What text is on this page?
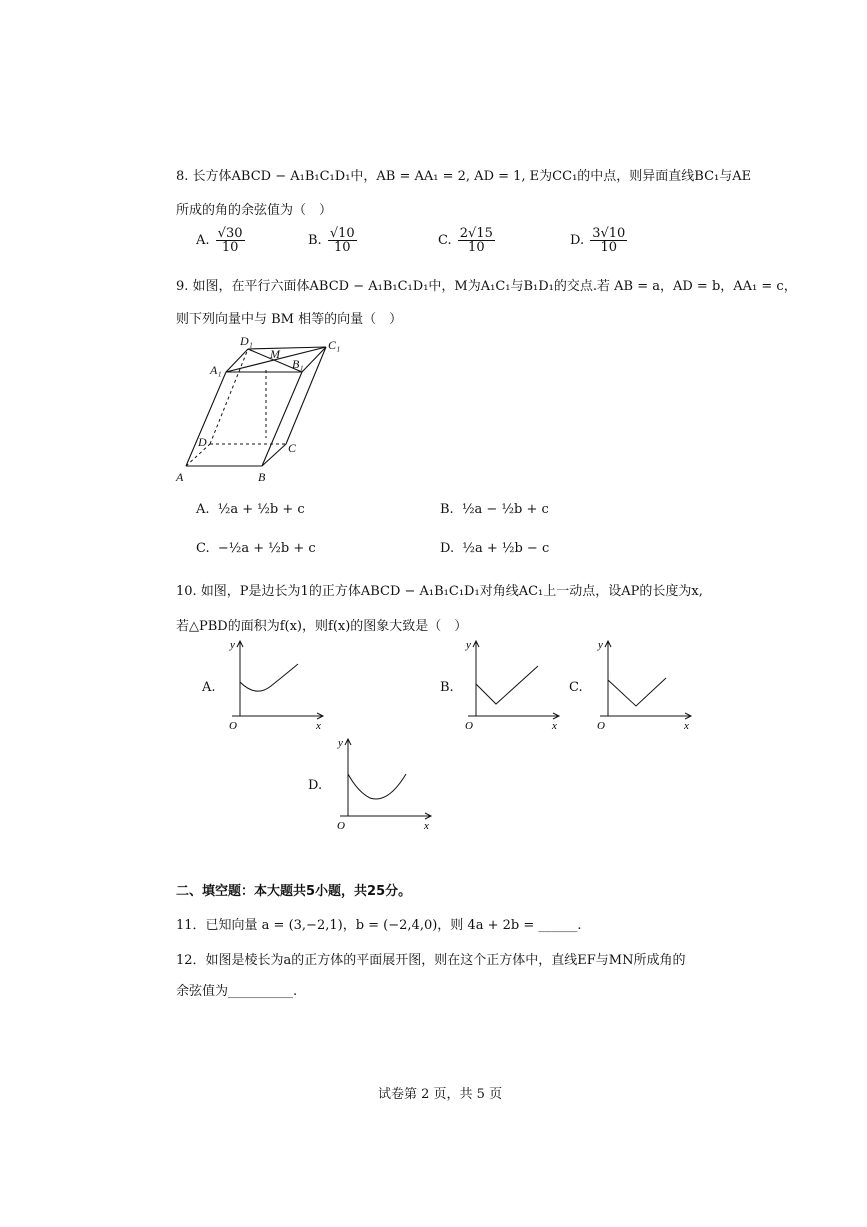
8. 长方体ABCD − A₁B₁C₁D₁中，AB = AA₁ = 2, AD = 1, E为CC₁的中点，则异面直线BC₁与AE
所成的角的余弦值为（　）
A. $\frac{√30}{10}$	B. $\frac{√10}{10}$	C. $\frac{2√15}{10}$	D. $\frac{3√10}{10}$
9. 如图，在平行六面体ABCD − A₁B₁C₁D₁中，M为A₁C₁与B₁D₁的交点.若 AB = a，AD = b，AA₁ = c，
则下列向量中与 BM 相等的向量（　）
D₁
M
C₁
A₁	B₁
D	C
A	B
A. ½a + ½b + c	B. ½a − ½b + c
C. −½a + ½b + c	D. ½a + ½b − c
10. 如图，P是边长为1的正方体ABCD − A₁B₁C₁D₁对角线AC₁上一动点，设AP的长度为x,
若△PBD的面积为f(x)，则f(x)的图象大致是（　）
A.
y
O	x
B.
y
O	x
C.
y
O	x
D.
y
O	x
二、填空题：本大题共5小题，共25分。
11．已知向量 a = (3,−2,1)，b = (−2,4,0)，则 4a + 2b = ______.
12．如图是棱长为a的正方体的平面展开图，则在这个正方体中，直线EF与MN所成角的
余弦值为__________.
试卷第 2 页，共 5 页
